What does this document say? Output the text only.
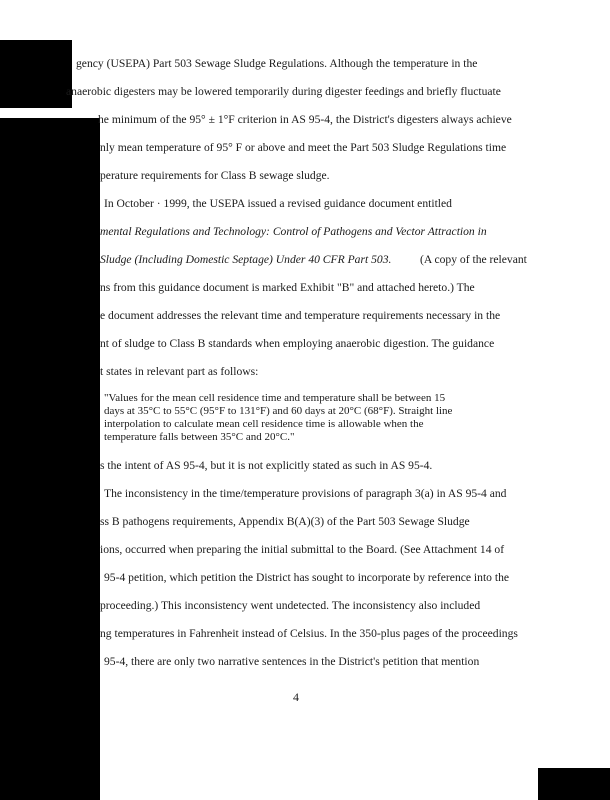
gency (USEPA) Part 503 Sewage Sludge Regulations. Although the temperature in the
anaerobic digesters may be lowered temporarily during digester feedings and briefly fluctuate
he minimum of the 95° ± 1°F criterion in AS 95-4, the District's digesters always achieve
nly mean temperature of 95° F or above and meet the Part 503 Sludge Regulations time
perature requirements for Class B sewage sludge.
In October · 1999, the USEPA issued a revised guidance document entitled
mental Regulations and Technology: Control of Pathogens and Vector Attraction in
Sludge (Including Domestic Septage) Under 40 CFR Part 503. (A copy of the relevant
ns from this guidance document is marked Exhibit "B" and attached hereto.) The
e document addresses the relevant time and temperature requirements necessary in the
nt of sludge to Class B standards when employing anaerobic digestion. The guidance
t states in relevant part as follows:
"Values for the mean cell residence time and temperature shall be between 15
days at 35°C to 55°C (95°F to 131°F) and 60 days at 20°C (68°F). Straight line
interpolation to calculate mean cell residence time is allowable when the
temperature falls between 35°C and 20°C."
s the intent of AS 95-4, but it is not explicitly stated as such in AS 95-4.
The inconsistency in the time/temperature provisions of paragraph 3(a) in AS 95-4 and
ss B pathogens requirements, Appendix B(A)(3) of the Part 503 Sewage Sludge
ions, occurred when preparing the initial submittal to the Board. (See Attachment 14 of
95-4 petition, which petition the District has sought to incorporate by reference into the
proceeding.) This inconsistency went undetected. The inconsistency also included
ng temperatures in Fahrenheit instead of Celsius. In the 350-plus pages of the proceedings
95-4, there are only two narrative sentences in the District's petition that mention
4
